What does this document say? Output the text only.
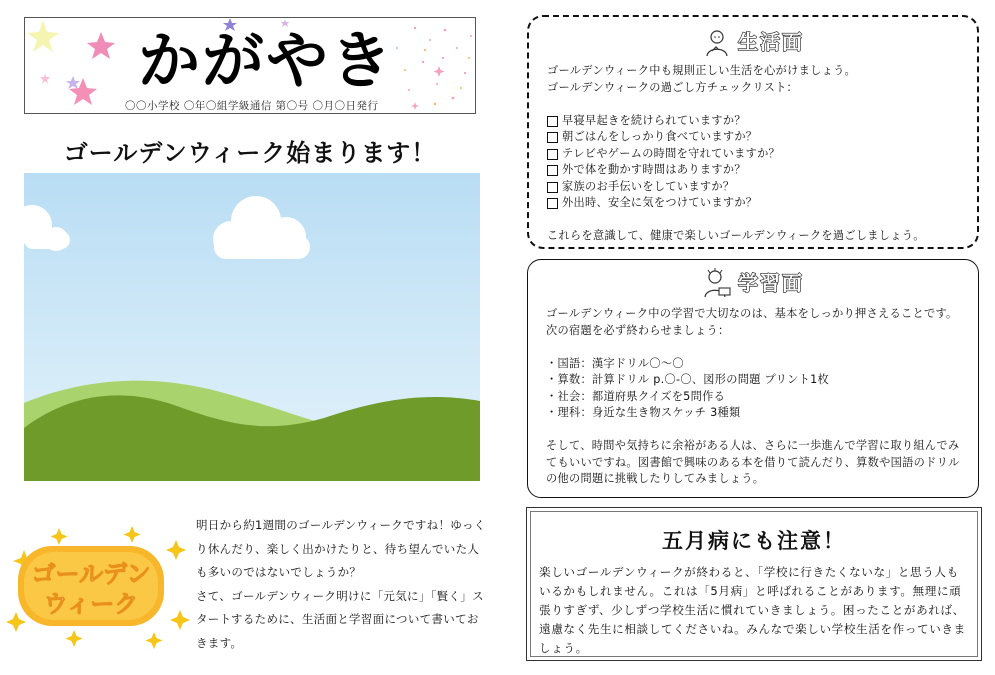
かがやき
〇〇小学校 〇年〇組学級通信 第〇号 〇月〇日発行
ゴールデンウィーク始まります！
ゴールデン
ウィーク

明日から約1週間のゴールデンウィークですね！ゆっくり休んだり、楽しく出かけたりと、待ち望んでいた人も多いのではないでしょうか？

さて、ゴールデンウィーク明けに「元気に」「賢く」スタートするために、生活面と学習面について書いておきます。

生活面

ゴールデンウィーク中も規則正しい生活を心がけましょう。

ゴールデンウィークの過ごし方チェックリスト：

早寝早起きを続けられていますか？
朝ごはんをしっかり食べていますか？
テレビやゲームの時間を守れていますか？
外で体を動かす時間はありますか？
家族のお手伝いをしていますか？
外出時、安全に気をつけていますか？

これらを意識して、健康で楽しいゴールデンウィークを過ごしましょう。

学習面

ゴールデンウィーク中の学習で大切なのは、基本をしっかり押さえることです。次の宿題を必ず終わらせましょう：

・国語：漢字ドリル〇〜〇
・算数：計算ドリル p.〇-〇、図形の問題 プリント1枚
・社会：都道府県クイズを5問作る
・理科：身近な生き物スケッチ 3種類

そして、時間や気持ちに余裕がある人は、さらに一歩進んで学習に取り組んでみてもいいですね。図書館で興味のある本を借りて読んだり、算数や国語のドリルの他の問題に挑戦したりしてみましょう。

五月病にも注意！
楽しいゴールデンウィークが終わると、「学校に行きたくないな」と思う人もいるかもしれません。これは「5月病」と呼ばれることがあります。無理に頑張りすぎず、少しずつ学校生活に慣れていきましょう。困ったことがあれば、遠慮なく先生に相談してくださいね。みんなで楽しい学校生活を作っていきましょう。
